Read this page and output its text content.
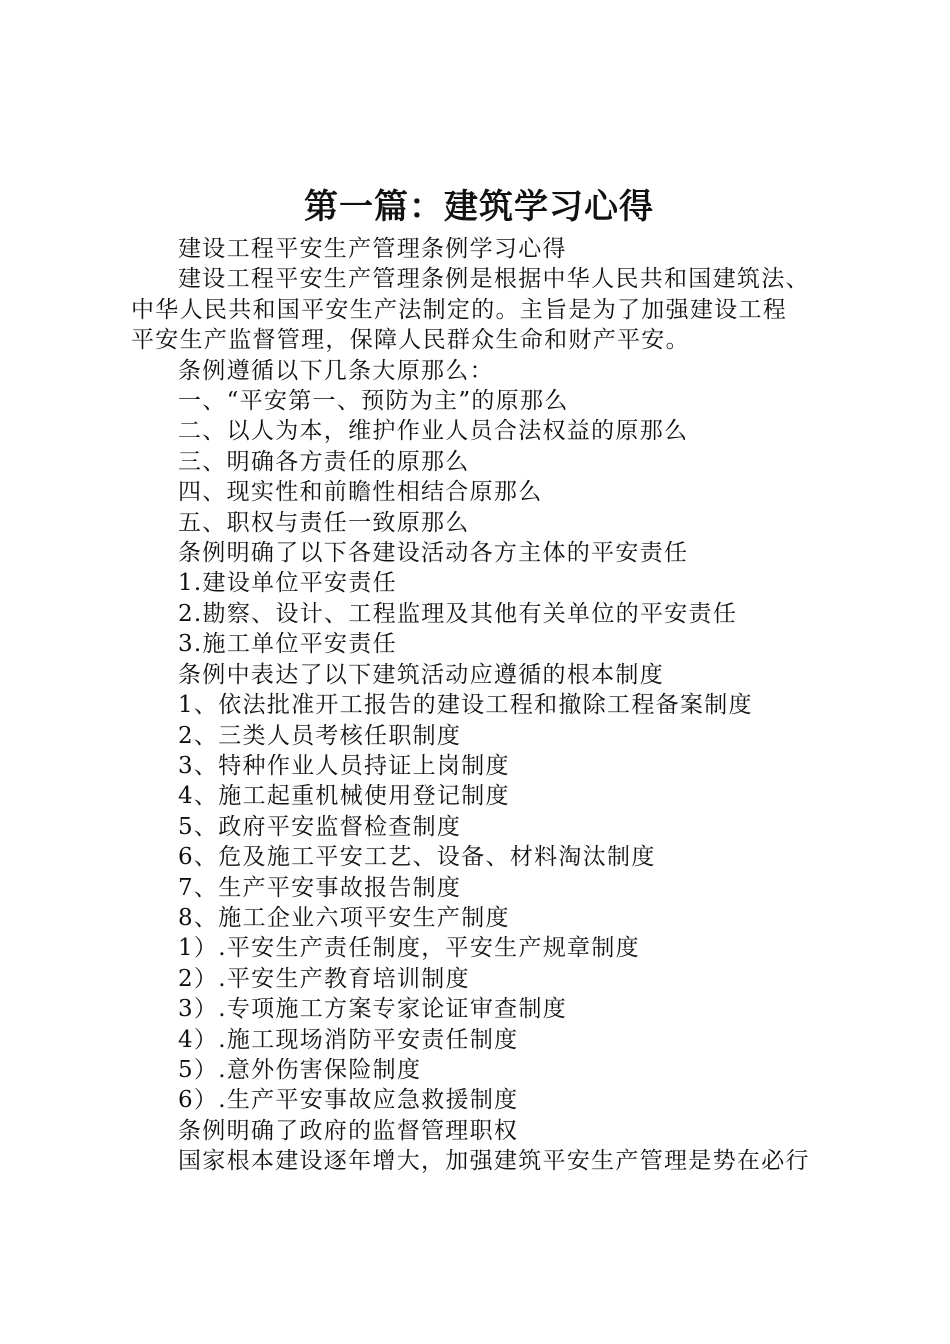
第一篇：建筑学习心得

建设工程平安生产管理条例学习心得

建设工程平安生产管理条例是根据中华人民共和国建筑法、

中华人民共和国平安生产法制定的。主旨是为了加强建设工程

平安生产监督管理，保障人民群众生命和财产平安。

条例遵循以下几条大原那么：

一、“平安第一、预防为主”的原那么

二、以人为本，维护作业人员合法权益的原那么

三、明确各方责任的原那么

四、现实性和前瞻性相结合原那么

五、职权与责任一致原那么

条例明确了以下各建设活动各方主体的平安责任

1.建设单位平安责任

2.勘察、设计、工程监理及其他有关单位的平安责任

3.施工单位平安责任

条例中表达了以下建筑活动应遵循的根本制度

1、依法批准开工报告的建设工程和撤除工程备案制度

2、三类人员考核任职制度

3、特种作业人员持证上岗制度

4、施工起重机械使用登记制度

5、政府平安监督检查制度

6、危及施工平安工艺、设备、材料淘汰制度

7、生产平安事故报告制度

8、施工企业六项平安生产制度

1）.平安生产责任制度，平安生产规章制度

2）.平安生产教育培训制度

3）.专项施工方案专家论证审查制度

4）.施工现场消防平安责任制度

5）.意外伤害保险制度

6）.生产平安事故应急救援制度

条例明确了政府的监督管理职权

国家根本建设逐年增大，加强建筑平安生产管理是势在必行
